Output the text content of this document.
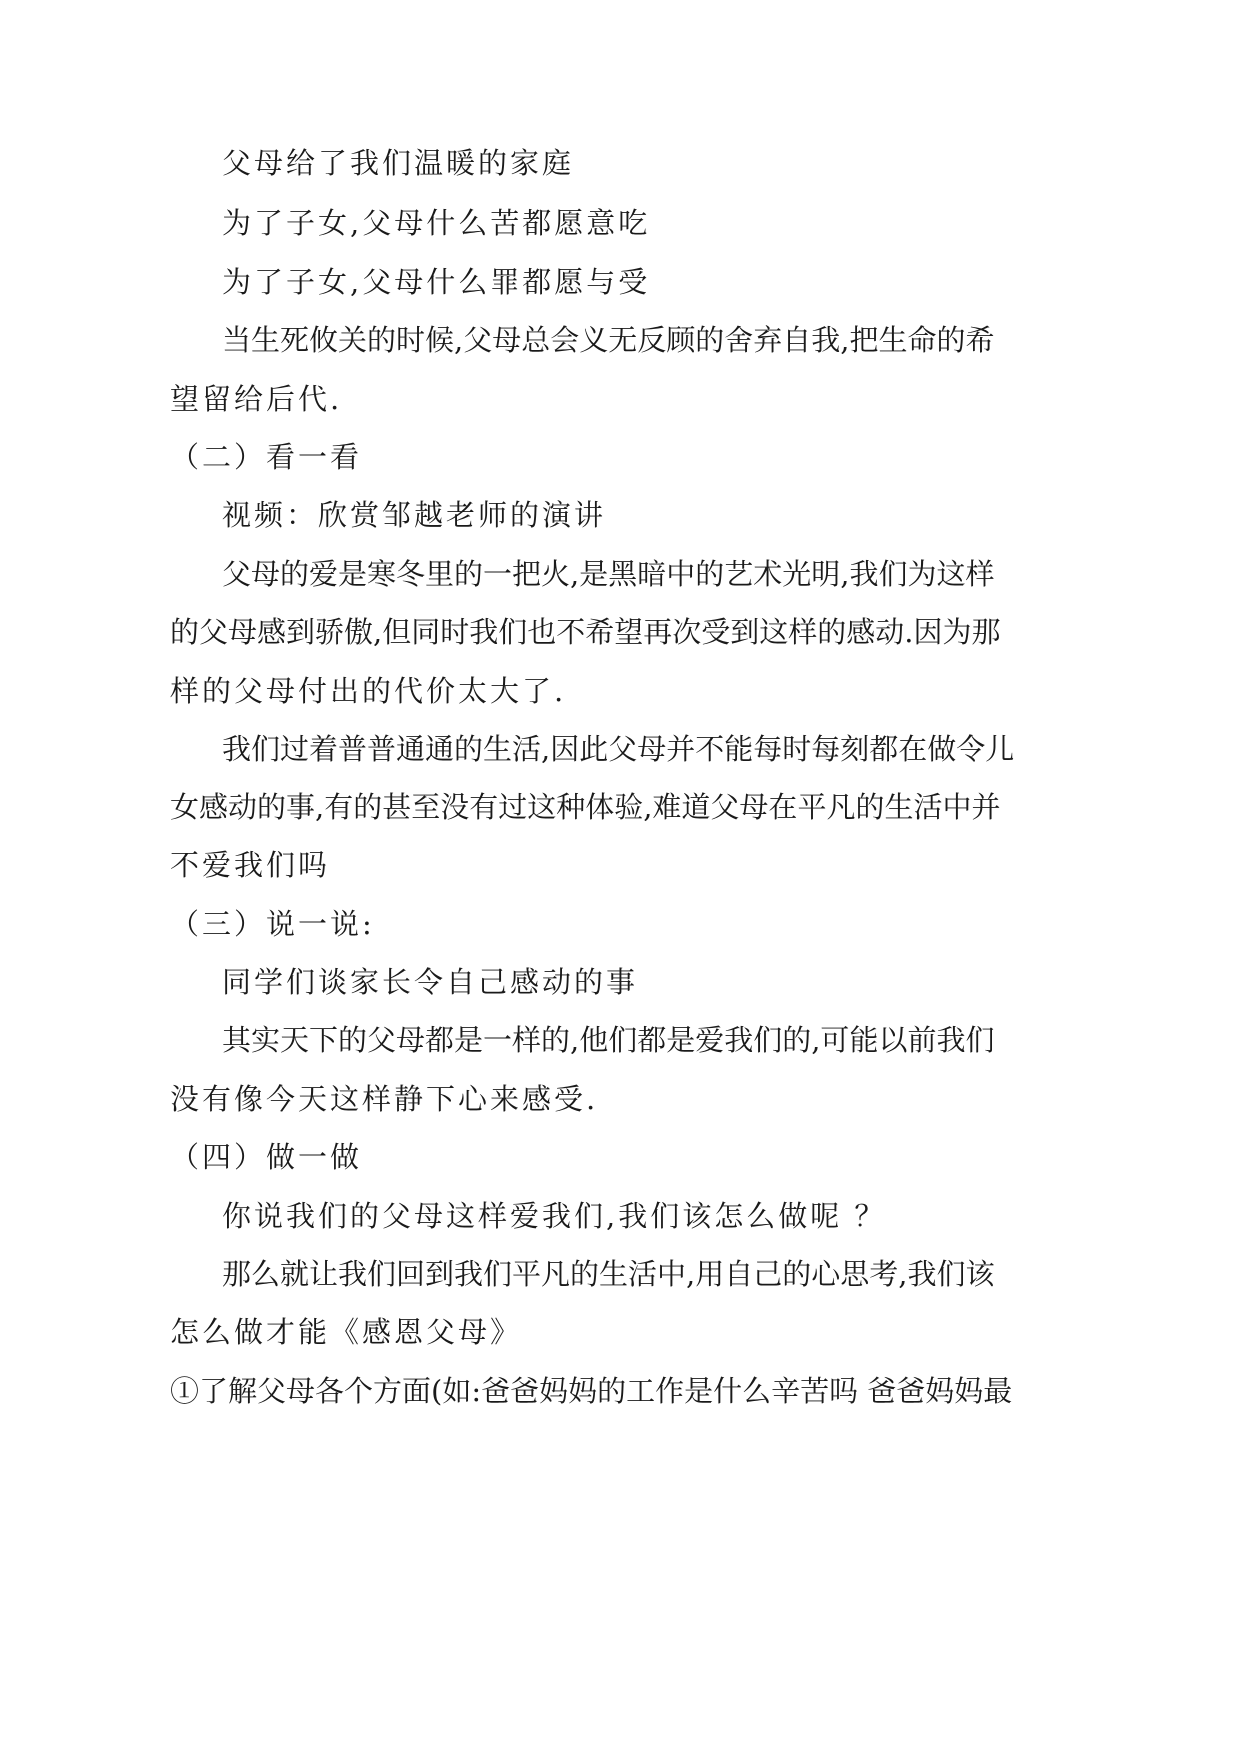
父母给了我们温暖的家庭
为了子女,父母什么苦都愿意吃
为了子女,父母什么罪都愿与受
当生死攸关的时候,父母总会义无反顾的舍弃自我,把生命的希
望留给后代.
（二）看一看
视频：欣赏邹越老师的演讲
父母的爱是寒冬里的一把火,是黑暗中的艺术光明,我们为这样
的父母感到骄傲,但同时我们也不希望再次受到这样的感动.因为那
样的父母付出的代价太大了.
我们过着普普通通的生活,因此父母并不能每时每刻都在做令儿
女感动的事,有的甚至没有过这种体验,难道父母在平凡的生活中并
不爱我们吗
（三）说一说:
同学们谈家长令自己感动的事
其实天下的父母都是一样的,他们都是爱我们的,可能以前我们
没有像今天这样静下心来感受.
（四）做一做
你说我们的父母这样爱我们,我们该怎么做呢 ？
那么就让我们回到我们平凡的生活中,用自己的心思考,我们该
怎么做才能《感恩父母》
①了解父母各个方面(如:爸爸妈妈的工作是什么辛苦吗 爸爸妈妈最
